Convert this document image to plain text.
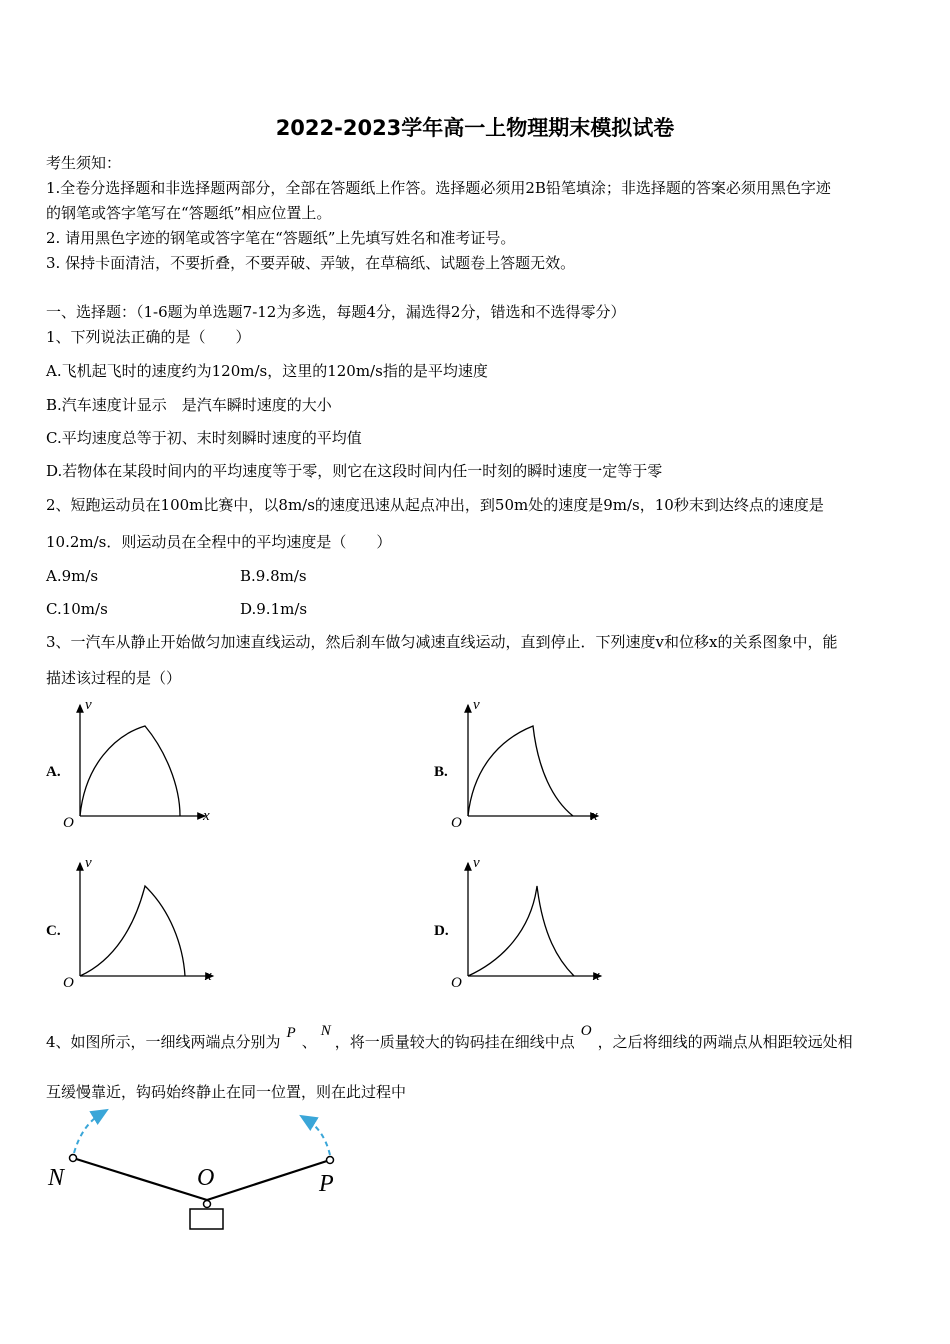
2022-2023学年高一上物理期末模拟试卷
考生须知：
1.全卷分选择题和非选择题两部分，全部在答题纸上作答。选择题必须用2B铅笔填涂；非选择题的答案必须用黑色字迹
的钢笔或答字笔写在“答题纸”相应位置上。
2. 请用黑色字迹的钢笔或答字笔在“答题纸”上先填写姓名和准考证号。
3. 保持卡面清洁，不要折叠，不要弄破、弄皱，在草稿纸、试题卷上答题无效。
一、选择题：（1-6题为单选题7-12为多选，每题4分，漏选得2分，错选和不选得零分）
1、下列说法正确的是（　　）
A.飞机起飞时的速度约为120m/s，这里的120m/s指的是平均速度
B.汽车速度计显示　是汽车瞬时速度的大小
C.平均速度总等于初、末时刻瞬时速度的平均值
D.若物体在某段时间内的平均速度等于零，则它在这段时间内任一时刻的瞬时速度一定等于零
2、短跑运动员在100m比赛中，以8m/s的速度迅速从起点冲出，到50m处的速度是9m/s，10秒末到达终点的速度是
10.2m/s．则运动员在全程中的平均速度是（　　）
A.9m/s	B.9.8m/s
C.10m/s	D.9.1m/s
3、一汽车从静止开始做匀加速直线运动，然后刹车做匀减速直线运动，直到停止．下列速度v和位移x的关系图象中，能
描述该过程的是（）
A.	B.
C.	D.
v
x
O
v
x
O
v
x
O
v
x
O
4、如图所示，一细线两端点分别为 P 、N，将一质量较大的钩码挂在细线中点O，之后将细线的两端点从相距较远处相
互缓慢靠近，钩码始终静止在同一位置，则在此过程中
N	O	P
